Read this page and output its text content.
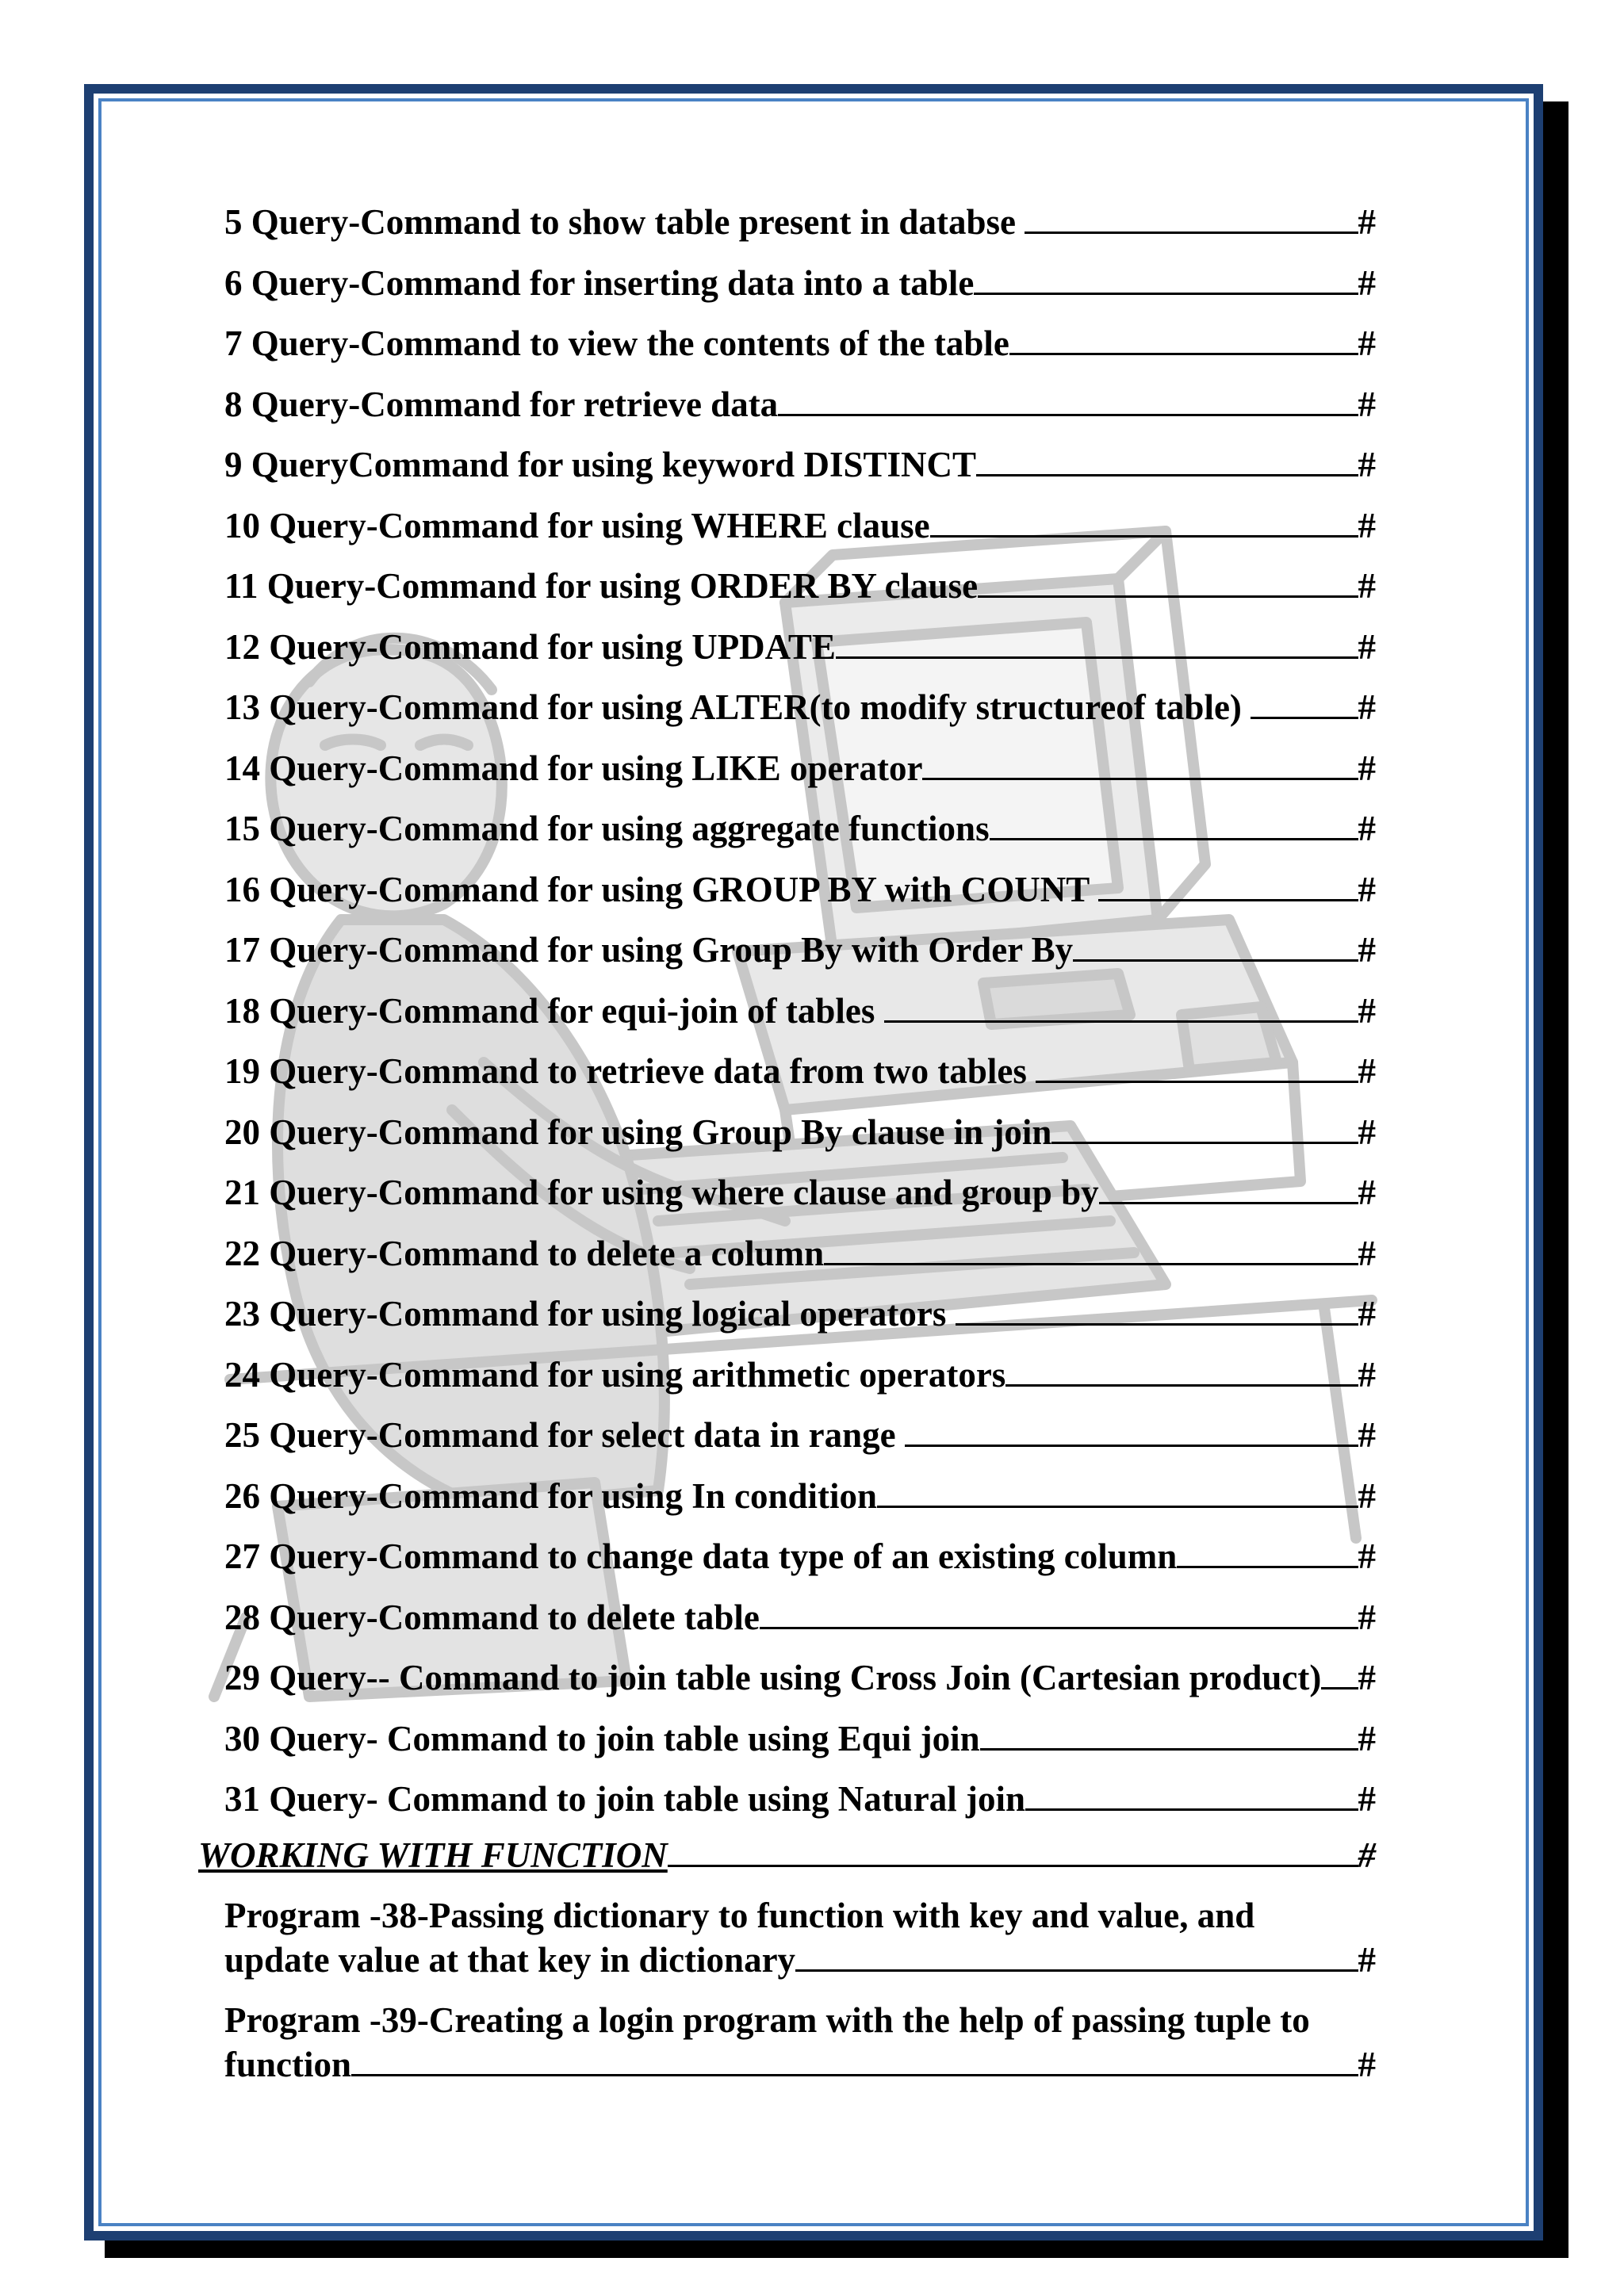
5 Query-Command to show table present in databse	#
6 Query-Command for inserting data into a table	#
7 Query-Command to view the contents of the table	#
8 Query-Command for retrieve data	#
9 QueryCommand for using keyword DISTINCT	#
10 Query-Command for using WHERE clause	#
11 Query-Command for using ORDER BY clause	#
12 Query-Command for using UPDATE	#
13 Query-Command for using ALTER(to modify structureof table)	#
14 Query-Command for using LIKE operator	#
15 Query-Command for using aggregate functions	#
16 Query-Command for using GROUP BY with COUNT	#
17 Query-Command for using Group By with Order By	#
18 Query-Command for equi-join of tables	#
19 Query-Command to retrieve data from two tables	#
20 Query-Command for using Group By clause in join	#
21 Query-Command for using where clause and group by	#
22 Query-Command to delete a column	#
23 Query-Command for using logical operators	#
24 Query-Command for using arithmetic operators	#
25 Query-Command for select data in range	#
26 Query-Command for using In condition	#
27 Query-Command to change data type of an existing column	#
28 Query-Command to delete table	#
29 Query-- Command to join table using Cross Join (Cartesian product) #
30 Query- Command to join table using Equi join	#
31 Query- Command to join table using Natural join	#
WORKING WITH FUNCTION	#
Program -38-Passing dictionary to function with key and value, and
update value at that key in dictionary	#
Program -39-Creating a login program with the help of passing tuple to
function	#
